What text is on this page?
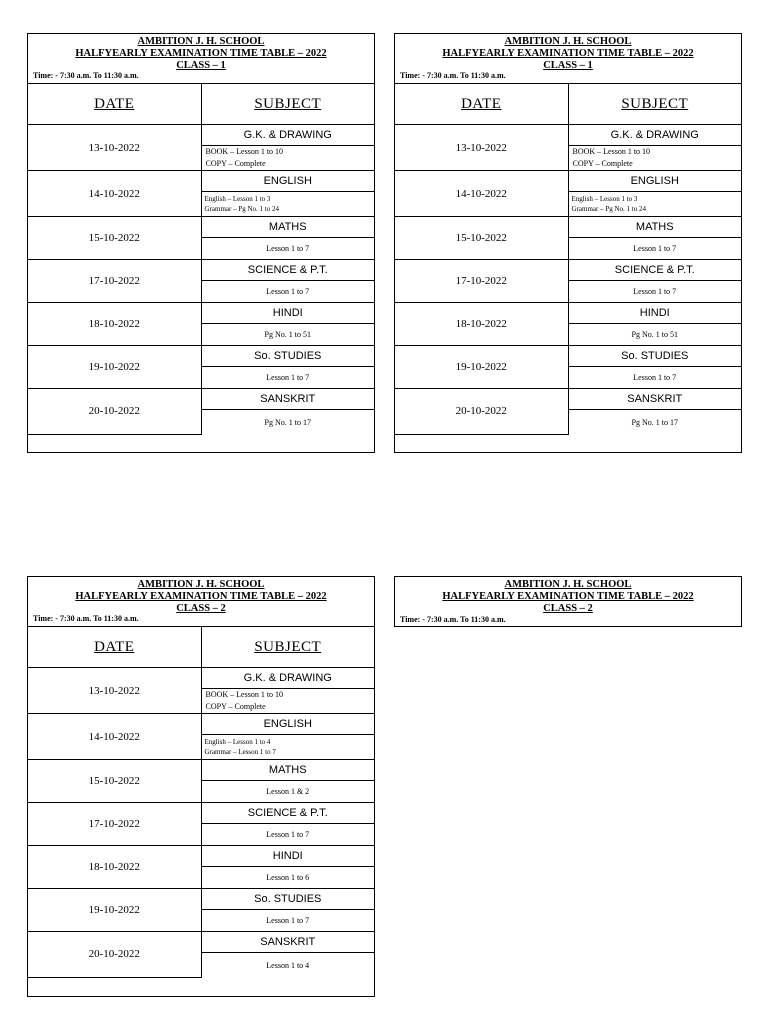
AMBITION J. H. SCHOOL
HALFYEARLY EXAMINATION TIME TABLE – 2022
CLASS – 1
Time: - 7:30 a.m. To 11:30 a.m.
DATE	SUBJECT
13-10-2022	G.K. & DRAWING

	BOOK – Lesson 1 to 10
COPY – Complete

14-10-2022	ENGLISH

	English – Lesson 1 to 3
Grammar – Pg No. 1 to 24

15-10-2022	MATHS
	Lesson 1 to 7
17-10-2022	SCIENCE & P.T.
	Lesson 1 to 7
18-10-2022	HINDI
	Pg No. 1 to 51
19-10-2022	So. STUDIES
	Lesson 1 to 7
20-10-2022	SANSKRIT
	Pg No. 1 to 17
AMBITION J. H. SCHOOL
HALFYEARLY EXAMINATION TIME TABLE – 2022
CLASS – 1
Time: - 7:30 a.m. To 11:30 a.m.
DATE	SUBJECT
13-10-2022	G.K. & DRAWING

	BOOK – Lesson 1 to 10
COPY – Complete

14-10-2022	ENGLISH

	English – Lesson 1 to 3
Grammar – Pg No. 1 to 24

15-10-2022	MATHS
	Lesson 1 to 7
17-10-2022	SCIENCE & P.T.
	Lesson 1 to 7
18-10-2022	HINDI
	Pg No. 1 to 51
19-10-2022	So. STUDIES
	Lesson 1 to 7
20-10-2022	SANSKRIT
	Pg No. 1 to 17
AMBITION J. H. SCHOOL
HALFYEARLY EXAMINATION TIME TABLE – 2022
CLASS – 2
Time: - 7:30 a.m. To 11:30 a.m.
DATE	SUBJECT
13-10-2022	G.K. & DRAWING

	BOOK – Lesson 1 to 10
COPY – Complete

14-10-2022	ENGLISH

	English – Lesson 1 to 4
Grammar – Lesson 1 to 7

15-10-2022	MATHS
	Lesson 1 & 2
17-10-2022	SCIENCE & P.T.
	Lesson 1 to 7
18-10-2022	HINDI
	Lesson 1 to 6
19-10-2022	So. STUDIES
	Lesson 1 to 7
20-10-2022	SANSKRIT
	Lesson 1 to 4
AMBITION J. H. SCHOOL
HALFYEARLY EXAMINATION TIME TABLE – 2022
CLASS – 2
Time: - 7:30 a.m. To 11:30 a.m.
